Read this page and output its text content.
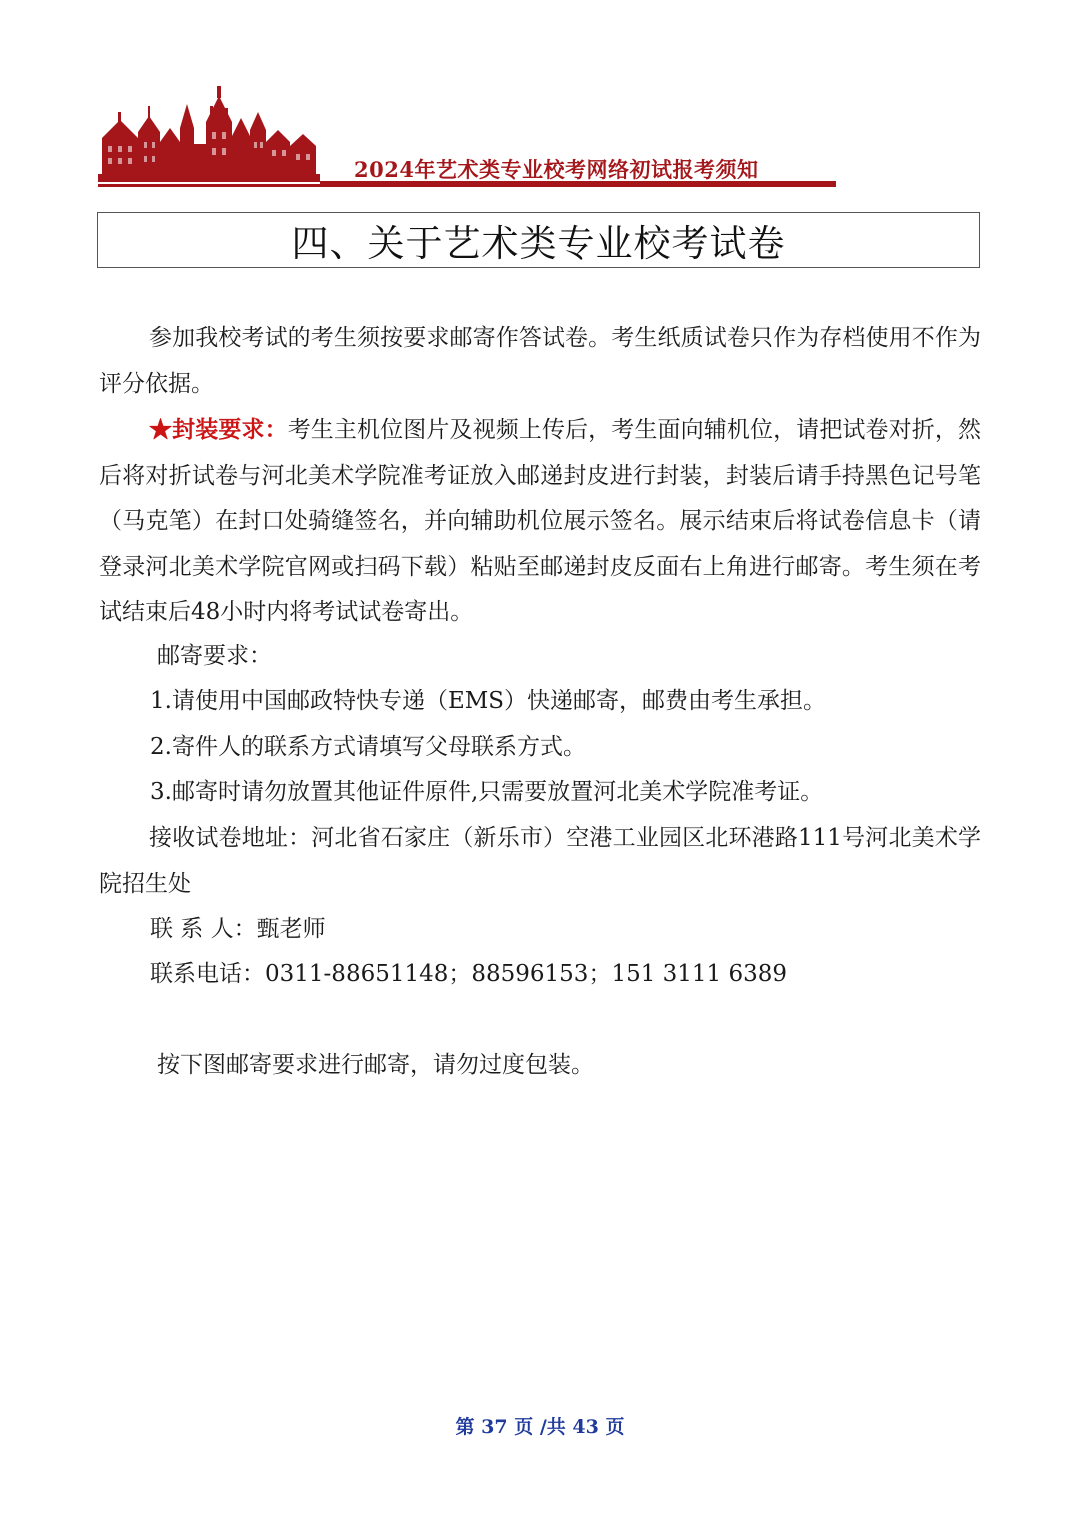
2024年艺术类专业校考网络初试报考须知
四、关于艺术类专业校考试卷

参加我校考试的考生须按要求邮寄作答试卷。考生纸质试卷只作为存档使用不作为评分依据。

★封装要求：考生主机位图片及视频上传后，考生面向辅机位，请把试卷对折，然后将对折试卷与河北美术学院准考证放入邮递封皮进行封装，封装后请手持黑色记号笔（马克笔）在封口处骑缝签名，并向辅助机位展示签名。展示结束后将试卷信息卡（请登录河北美术学院官网或扫码下载）粘贴至邮递封皮反面右上角进行邮寄。考生须在考试结束后48小时内将考试试卷寄出。

邮寄要求：
1.请使用中国邮政特快专递（EMS）快递邮寄，邮费由考生承担。
2.寄件人的联系方式请填写父母联系方式。
3.邮寄时请勿放置其他证件原件,只需要放置河北美术学院准考证。

接收试卷地址：河北省石家庄（新乐市）空港工业园区北环港路111号河北美术学院招生处

联 系 人：甄老师
联系电话：0311-88651148；88596153；151 3111 6389
按下图邮寄要求进行邮寄，请勿过度包装。
第 37 页 /共 43 页
